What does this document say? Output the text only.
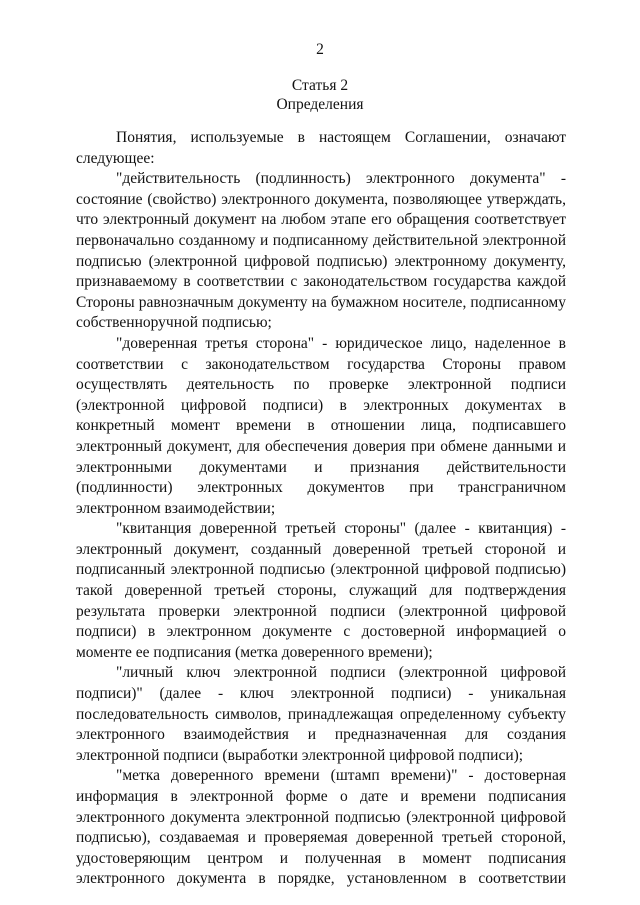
2
Статья 2
Определения

Понятия, используемые в настоящем Соглашении, означают следующее:

"действительность (подлинность) электронного документа" - состояние (свойство) электронного документа, позволяющее утверждать, что электронный документ на любом этапе его обращения соответствует первоначально созданному и подписанному действительной электронной подписью (электронной цифровой подписью) электронному документу, признаваемому в соответствии с законодательством государства каждой Стороны равнозначным документу на бумажном носителе, подписанному собственноручной подписью;

"доверенная третья сторона" - юридическое лицо, наделенное в соответствии с законодательством государства Стороны правом осуществлять деятельность по проверке электронной подписи (электронной цифровой подписи) в электронных документах в конкретный момент времени в отношении лица, подписавшего электронный документ, для обеспечения доверия при обмене данными и электронными документами и признания действительности (подлинности) электронных документов при трансграничном электронном взаимодействии;

"квитанция доверенной третьей стороны" (далее - квитанция) - электронный документ, созданный доверенной третьей стороной и подписанный электронной подписью (электронной цифровой подписью) такой доверенной третьей стороны, служащий для подтверждения результата проверки электронной подписи (электронной цифровой подписи) в электронном документе с достоверной информацией о моменте ее подписания (метка доверенного времени);

"личный ключ электронной подписи (электронной цифровой подписи)" (далее - ключ электронной подписи) - уникальная последовательность символов, принадлежащая определенному субъекту электронного взаимодействия и предназначенная для создания электронной подписи (выработки электронной цифровой подписи);

"метка доверенного времени (штамп времени)" - достоверная информация в электронной форме о дате и времени подписания электронного документа электронной подписью (электронной цифровой подписью), создаваемая и проверяемая доверенной третьей стороной, удостоверяющим центром и полученная в момент подписания электронного документа в порядке, установленном в соответствии
